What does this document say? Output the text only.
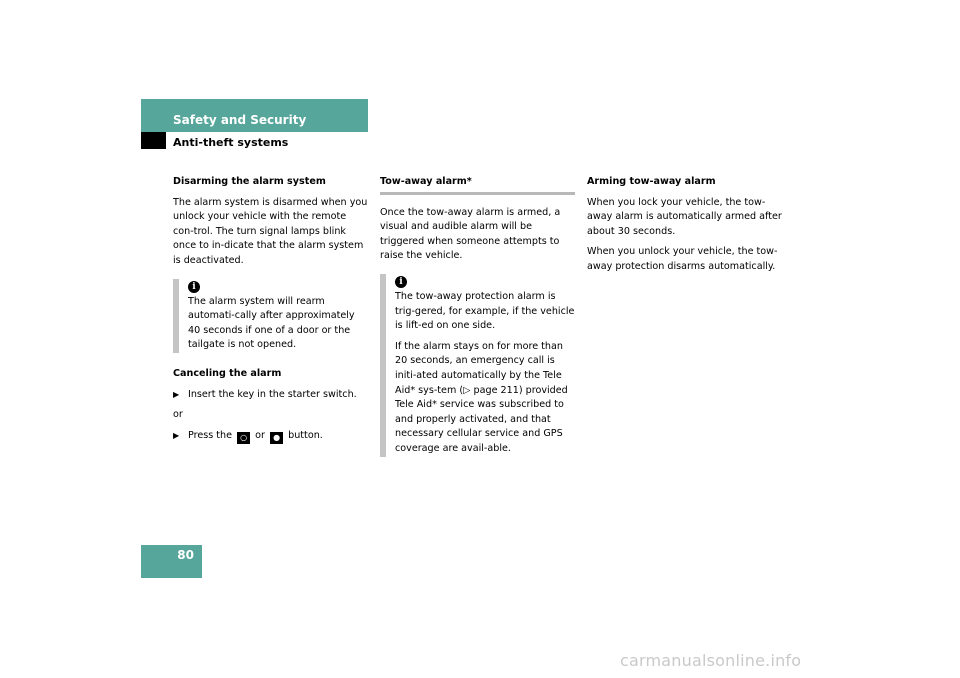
Safety and Security
Anti-theft systems

Disarming the alarm system

The alarm system is disarmed when you unlock your vehicle with the remote con-trol. The turn signal lamps blink once to in-dicate that the alarm system is deactivated.

i
The alarm system will rearm automati-cally after approximately 40 seconds if one of a door or the tailgate is not opened.

Canceling the alarm

▶ Insert the key in the starter switch.

or

▶ Press the ○ or ● button.

Tow-away alarm*

Once the tow-away alarm is armed, a visual and audible alarm will be triggered when someone attempts to raise the vehicle.

i

The tow-away protection alarm is trig-gered, for example, if the vehicle is lift-ed on one side.

If the alarm stays on for more than 20 seconds, an emergency call is initi-ated automatically by the Tele Aid* sys-tem (▷ page 211) provided Tele Aid* service was subscribed to and properly activated, and that necessary cellular service and GPS coverage are avail-able.

Arming tow-away alarm

When you lock your vehicle, the tow-away alarm is automatically armed after about 30 seconds.

When you unlock your vehicle, the tow-away protection disarms automatically.

80
carmanualsonline.info
